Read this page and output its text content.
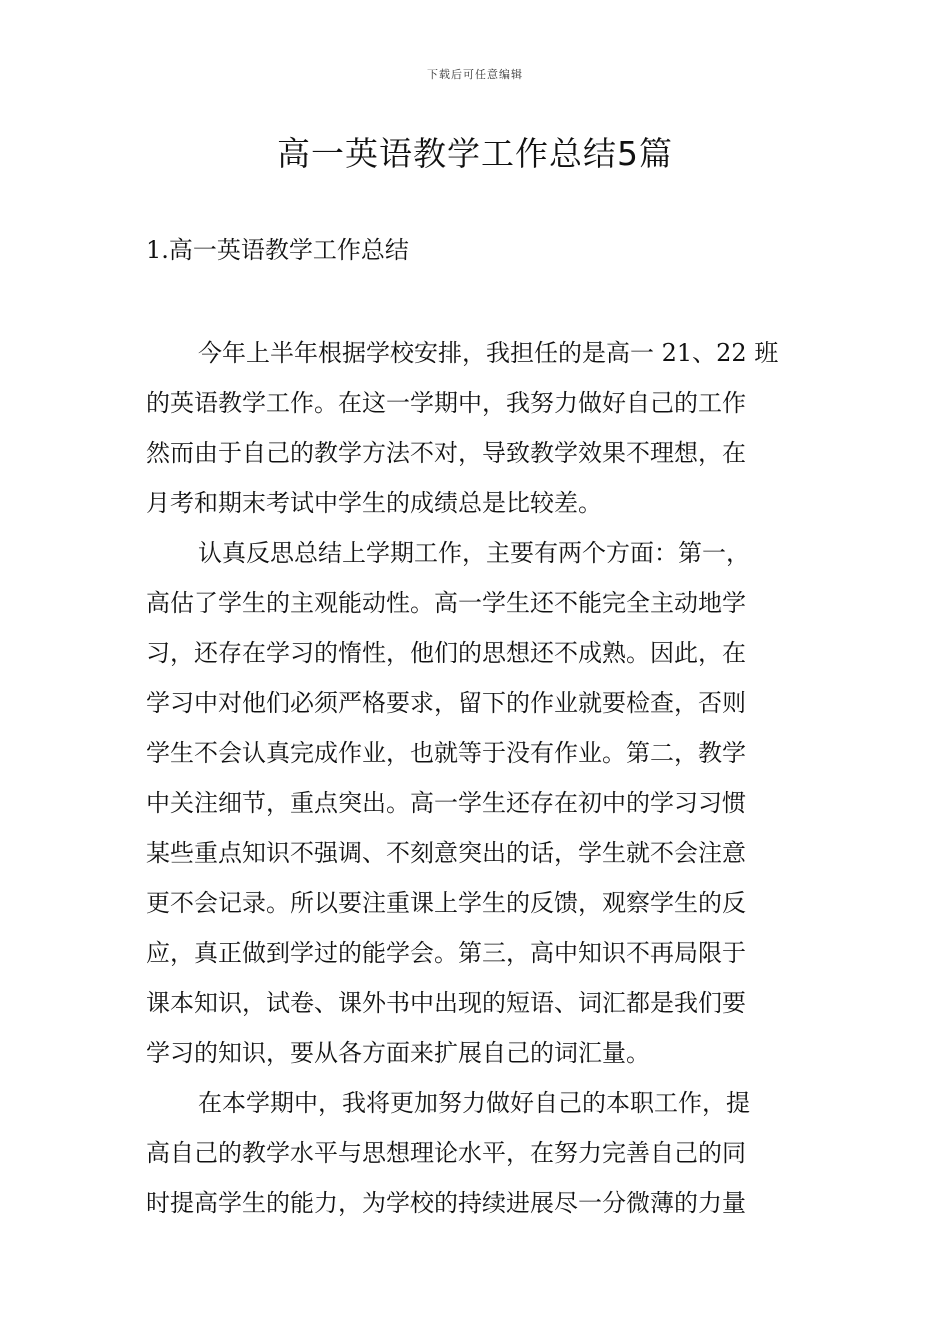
下载后可任意编辑
高一英语教学工作总结5篇
1.高一英语教学工作总结

今年上半年根据学校安排，我担任的是高一 21、22 班
的英语教学工作。在这一学期中，我努力做好自己的工作
然而由于自己的教学方法不对，导致教学效果不理想，在
月考和期末考试中学生的成绩总是比较差。

认真反思总结上学期工作，主要有两个方面：第一，
高估了学生的主观能动性。高一学生还不能完全主动地学
习，还存在学习的惰性，他们的思想还不成熟。因此，在
学习中对他们必须严格要求，留下的作业就要检查，否则
学生不会认真完成作业，也就等于没有作业。第二，教学
中关注细节，重点突出。高一学生还存在初中的学习习惯
某些重点知识不强调、不刻意突出的话，学生就不会注意
更不会记录。所以要注重课上学生的反馈，观察学生的反
应，真正做到学过的能学会。第三，高中知识不再局限于
课本知识，试卷、课外书中出现的短语、词汇都是我们要
学习的知识，要从各方面来扩展自己的词汇量。

在本学期中，我将更加努力做好自己的本职工作，提
高自己的教学水平与思想理论水平，在努力完善自己的同
时提高学生的能力，为学校的持续进展尽一分微薄的力量
